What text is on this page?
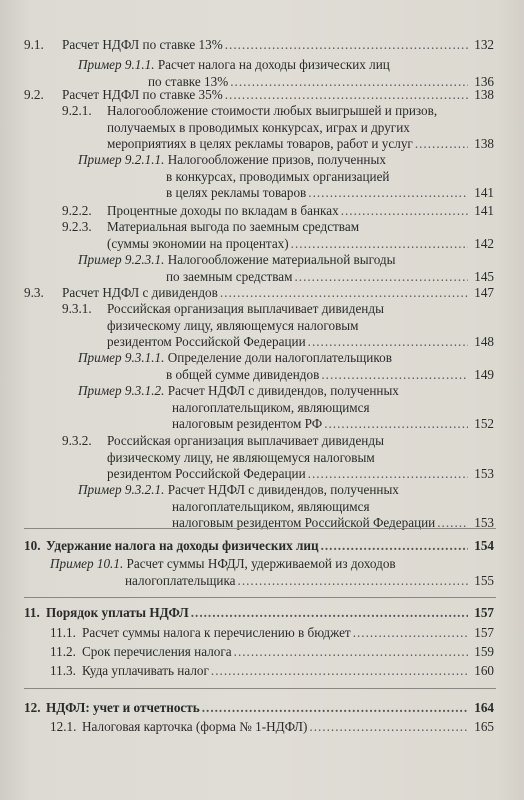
9.1.	Расчет НДФЛ по ставке 13% .....	132
Пример 9.1.1.
Расчет налога на доходы физических лиц
по ставке 13% .....	136
9.2.	Расчет НДФЛ по ставке 35% .....	138
9.2.1.	Налогообложение стоимости любых выигрышей и призов,
получаемых в проводимых конкурсах, играх и других
мероприятиях в целях рекламы товаров, работ и услуг .....	138
Пример 9.2.1.1.
Налогообложение призов, полученных
в конкурсах, проводимых организацией
в целях рекламы товаров .....	141
9.2.2.	Процентные доходы по вкладам в банках .....	141
9.2.3.	Материальная выгода по заемным средствам
(суммы экономии на процентах) .....	142
Пример 9.2.3.1.
Налогообложение материальной выгоды
по заемным средствам .....	145
9.3.	Расчет НДФЛ с дивидендов .....	147
9.3.1.	Российская организация выплачивает дивиденды
физическому лицу, являющемуся налоговым
резидентом Российской Федерации .....	148
Пример 9.3.1.1.
Определение доли налогоплательщиков
в общей сумме дивидендов .....	149
Пример 9.3.1.2.
Расчет НДФЛ с дивидендов, полученных
налогоплательщиком, являющимся
налоговым резидентом РФ .....	152
9.3.2.	Российская организация выплачивает дивиденды
физическому лицу, не являющемуся налоговым
резидентом Российской Федерации .....	153
Пример 9.3.2.1.
Расчет НДФЛ с дивидендов, полученных
налогоплательщиком, являющимся
налоговым резидентом Российской Федерации .....	153
10. Удержание налога на доходы физических лиц .....	154
Пример 10.1.
Расчет суммы НФДЛ, удерживаемой из доходов
налогоплательщика .....	155
11. Порядок уплаты НДФЛ .....	157
11.1. Расчет суммы налога к перечислению в бюджет .....	157
11.2. Срок перечисления налога .....	159
11.3. Куда уплачивать налог .....	160
12. НДФЛ: учет и отчетность .....	164
12.1. Налоговая карточка (форма № 1-НДФЛ) .....	165
